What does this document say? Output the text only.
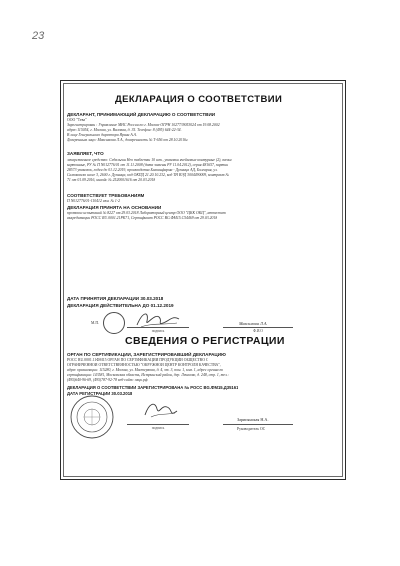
23
ДЕКЛАРАЦИЯ О СООТВЕТСТВИИ
ДЕКЛАРАНТ, ПРИНИМАЮЩИЙ ДЕКЛАРАЦИЮ О СООТВЕТСТВИИ
ООО "Тева"
Зарегистрирован : Управление МНС России по г. Москве ОГРН 1027739053024 от 19.08.2002
адрес:115054, г. Москва, ул. Валовая, д. 35. Телефон: 8 (495) 644-22-34.
В лице Генерального директора Ярвин А.А.
Доверенным лицо: Максимова Л.А., доверенность № Т-656 от 28.10.2016г.
ЗАЯВЛЯЕТ, ЧТО
лекарственное средство: Седальгин Нео таблетки 10 шт., упаковки ячейковые контурные (2), пачки
картонные, РУ № П N012776/01 от 11.11.2008 (дата замены РУ 11.04.2012), серия 481657, партии
28573 упаковок, годен до 01.12.2019, производства Балканфарма - Дупница АД, Болгария, ул.
Самоковско шосе 3, 2600 г. Дупница, код ОКПД 21.20.10.232, код ТН ВЭД 3004490009, контракт №
71 от 01.09.2016, инвойс № 2520001616 от 20.03.2018
СООТВЕТСТВУЕТ ТРЕБОВАНИЯМ
П N012776/01-110412 изм. № 1-2
ДЕКЛАРАЦИЯ ПРИНЯТА НА ОСНОВАНИИ
протокол испытаний № 8227 от 29.03.2018 Лабораторный центр ООО "ЦКК ОКЦ", аттестат
аккредитации РОСС RU.0001.21РК71, Сертификат РОСС ВG.ФМ15.С54469 от 29.03.2018
ДАТА ПРИНЯТИЯ ДЕКЛАРАЦИИ 30.03.2018
ДЕКЛАРАЦИЯ ДЕЙСТВИТЕЛЬНА ДО 01.12.2019
М.П.
подпись
Максимова Л.А.
Ф.И.О
СВЕДЕНИЯ О РЕГИСТРАЦИИ
ОРГАН ПО СЕРТИФИКАЦИИ, ЗАРЕГИСТРИРОВАВШИЙ ДЕКЛАРАЦИЮ
РОСС RU.0001.11ФМ15 ОРГАН ПО СЕРТИФИКАЦИИ ПРОДУКЦИИ ОБЩЕСТВО С
ОГРАНИЧЕННОЙ ОТВЕТСТВЕННОСТЬЮ "ОКРУЖНОЙ ЦЕНТР КОНТРОЛЯ КАЧЕСТВА",
адрес организации: 115280, г. Москва, ул. Мастеркова, д. 4, эт. 3, пом. 1, ком. 1, адрес органа по
сертификации: 143581, Московская область, Истринский район, дер. Лешково, д. 248, стр. 1, тел.:
(495)640-96-69, (495)787-92-78 веб-сайт: окцк.рф
ДЕКЛАРАЦИЯ О СООТВЕТСТВИИ ЗАРЕГИСТРИРОВАНА № РОСС ВG.ФМ15.Д35161
ДАТА РЕГИСТРАЦИИ 30.03.2018
подпись
Зарипянская Н.А.
Руководитель ОС
